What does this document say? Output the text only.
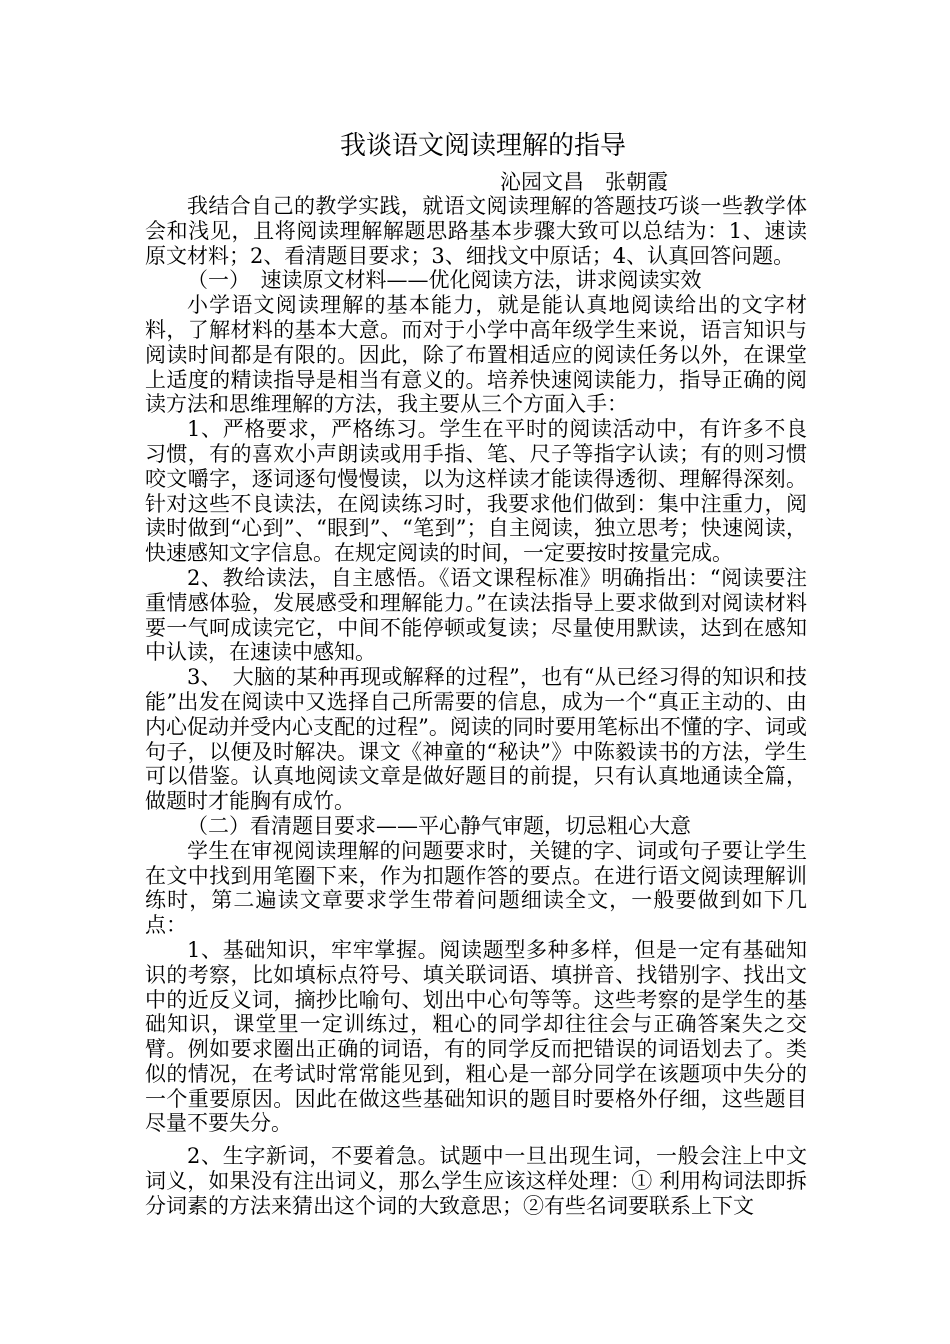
我谈语文阅读理解的指导

沁园文昌　张朝霞

我结合自己的教学实践，就语文阅读理解的答题技巧谈一些教学体会和浅见，且将阅读理解解题思路基本步骤大致可以总结为：1、速读原文材料；2、看清题目要求；3、细找文中原话；4、认真回答问题。

（一）　速读原文材料——优化阅读方法，讲求阅读实效

小学语文阅读理解的基本能力，就是能认真地阅读给出的文字材料，了解材料的基本大意。而对于小学中高年级学生来说，语言知识与阅读时间都是有限的。因此，除了布置相适应的阅读任务以外，在课堂上适度的精读指导是相当有意义的。培养快速阅读能力，指导正确的阅读方法和思维理解的方法，我主要从三个方面入手：

1、严格要求，严格练习。学生在平时的阅读活动中，有许多不良习惯，有的喜欢小声朗读或用手指、笔、尺子等指字认读；有的则习惯咬文嚼字，逐词逐句慢慢读，以为这样读才能读得透彻、理解得深刻。针对这些不良读法，在阅读练习时，我要求他们做到：集中注重力，阅读时做到“心到”、“眼到”、“笔到”；自主阅读，独立思考；快速阅读，快速感知文字信息。在规定阅读的时间，一定要按时按量完成。

2、教给读法，自主感悟。《语文课程标准》明确指出：“阅读要注重情感体验，发展感受和理解能力。”在读法指导上要求做到对阅读材料要一气呵成读完它，中间不能停顿或复读；尽量使用默读，达到在感知中认读，在速读中感知。

3、　大脑的某种再现或解释的过程”，也有“从已经习得的知识和技能”出发在阅读中又选择自己所需要的信息，成为一个“真正主动的、由内心促动并受内心支配的过程”。阅读的同时要用笔标出不懂的字、词或句子，以便及时解决。课文《神童的“秘诀”》中陈毅读书的方法，学生可以借鉴。认真地阅读文章是做好题目的前提，只有认真地通读全篇，做题时才能胸有成竹。

（二）看清题目要求——平心静气审题，切忌粗心大意

学生在审视阅读理解的问题要求时，关键的字、词或句子要让学生在文中找到用笔圈下来，作为扣题作答的要点。在进行语文阅读理解训练时，第二遍读文章要求学生带着问题细读全文，一般要做到如下几点：

1、基础知识，牢牢掌握。阅读题型多种多样，但是一定有基础知识的考察，比如填标点符号、填关联词语、填拼音、找错别字、找出文中的近反义词，摘抄比喻句、划出中心句等等。这些考察的是学生的基础知识，课堂里一定训练过，粗心的同学却往往会与正确答案失之交臂。例如要求圈出正确的词语，有的同学反而把错误的词语划去了。类似的情况，在考试时常常能见到，粗心是一部分同学在该题项中失分的一个重要原因。因此在做这些基础知识的题目时要格外仔细，这些题目尽量不要失分。

2、生字新词，不要着急。试题中一旦出现生词，一般会注上中文词义，如果没有注出词义，那么学生应该这样处理：① 利用构词法即拆分词素的方法来猜出这个词的大致意思；②有些名词要联系上下文
